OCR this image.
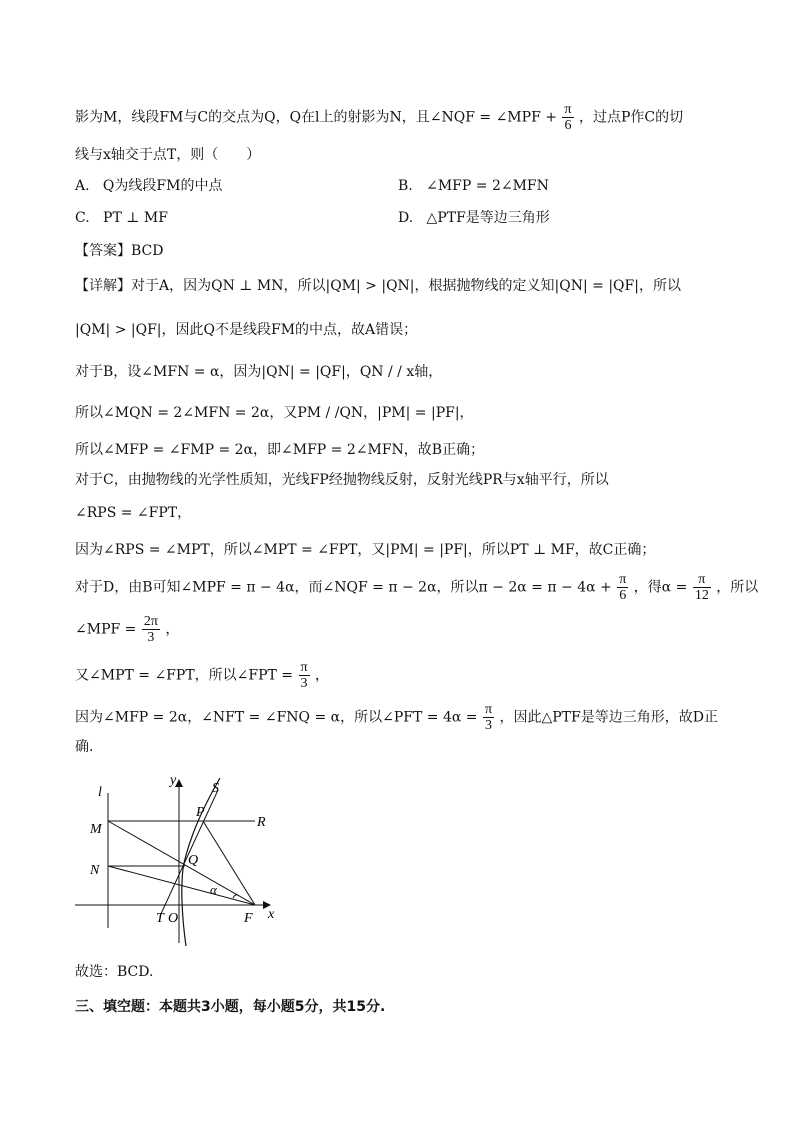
影为M，线段FM与C的交点为Q，Q在l上的射影为N，且∠NQF = ∠MPF + $\frac{\pi}{6}$ ，过点P作C的切
线与x轴交于点T，则（　　）
A. Q为线段FM的中点	B. ∠MFP = 2∠MFN
C. PT ⊥ MF	D. △PTF是等边三角形
【答案】BCD
【详解】对于A，因为QN ⊥ MN，所以|QM| > |QN|，根据抛物线的定义知|QN| = |QF|，所以
|QM| > |QF|，因此Q不是线段FM的中点，故A错误；
对于B，设∠MFN = α，因为|QN| = |QF|，QN / / x轴，
所以∠MQN = 2∠MFN = 2α，又PM / /QN，|PM| = |PF|，
所以∠MFP = ∠FMP = 2α，即∠MFP = 2∠MFN，故B正确；
对于C，由抛物线的光学性质知，光线FP经抛物线反射，反射光线PR与x轴平行，所以
∠RPS = ∠FPT，
因为∠RPS = ∠MPT，所以∠MPT = ∠FPT，又|PM| = |PF|，所以PT ⊥ MF，故C正确；
对于D，由B可知∠MPF = π − 4α，而∠NQF = π − 2α，所以$\pi - 2\alpha = \pi - 4\alpha + \frac{\pi}{6}$ ，得$\alpha = \frac{\pi}{12}$ ，所以
∠MPF = $\frac{2\pi}{3}$ ，
又∠MPT = ∠FPT，所以∠FPT = $\frac{\pi}{3}$ ，
因为∠MFP = 2α，∠NFT = ∠FNQ = α，所以∠PFT = $4\alpha = \frac{\pi}{3}$ ，因此△PTF是等边三角形，故D正
确.
l
y
S
P
R
M
Q
N
α
T O	F x
故选：BCD.
三、填空题：本题共3小题，每小题5分，共15分.
